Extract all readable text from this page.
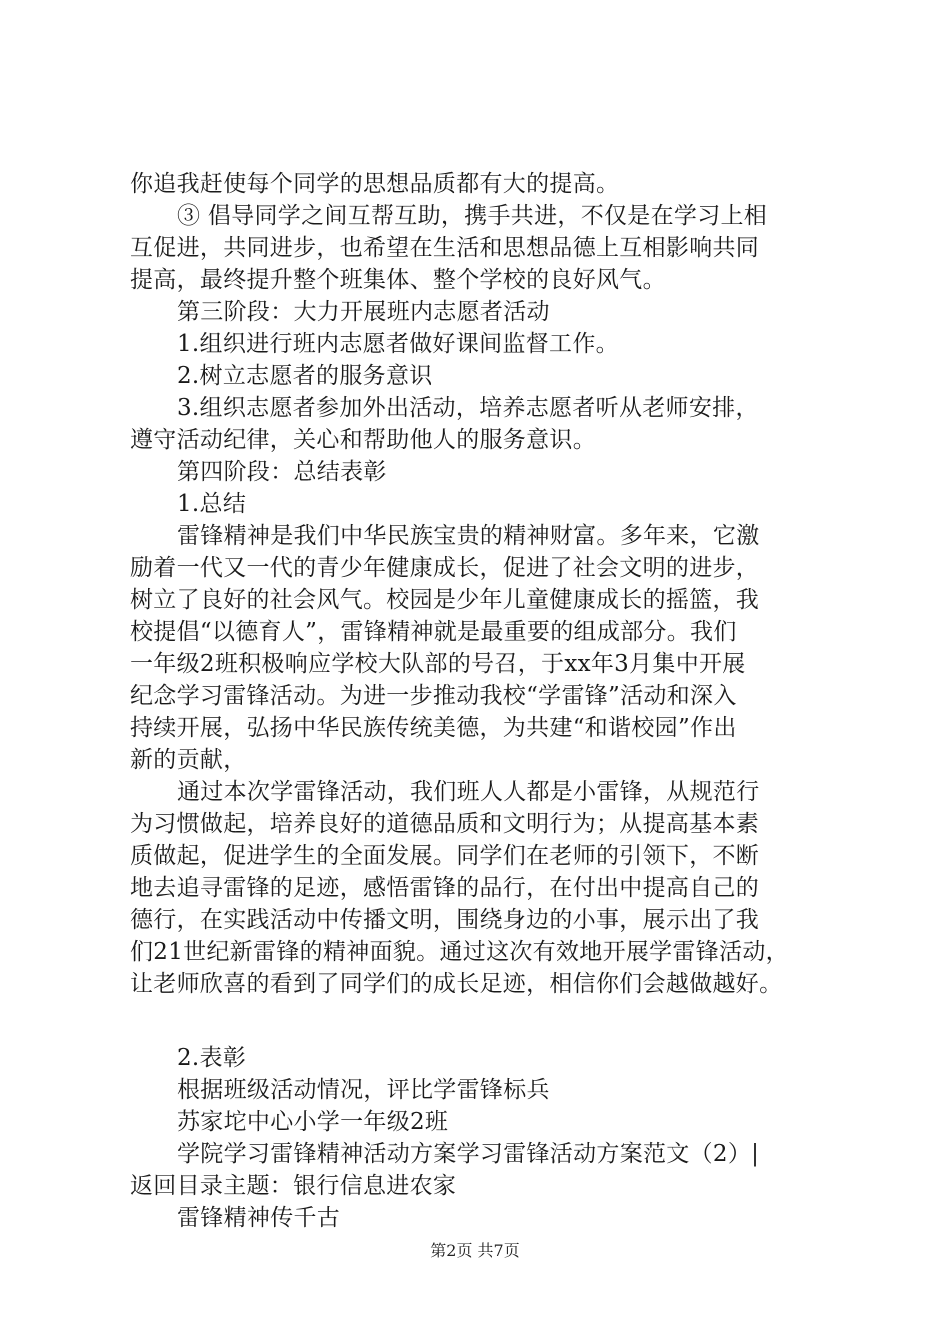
你追我赶使每个同学的思想品质都有大的提高。
③ 倡导同学之间互帮互助，携手共进，不仅是在学习上相
互促进，共同进步，也希望在生活和思想品德上互相影响共同
提高，最终提升整个班集体、整个学校的良好风气。
第三阶段：大力开展班内志愿者活动
1.组织进行班内志愿者做好课间监督工作。
2.树立志愿者的服务意识
3.组织志愿者参加外出活动，培养志愿者听从老师安排，
遵守活动纪律，关心和帮助他人的服务意识。
第四阶段：总结表彰
1.总结
雷锋精神是我们中华民族宝贵的精神财富。多年来，它激
励着一代又一代的青少年健康成长，促进了社会文明的进步，
树立了良好的社会风气。校园是少年儿童健康成长的摇篮，我
校提倡“以德育人”，雷锋精神就是最重要的组成部分。我们
一年级2班积极响应学校大队部的号召，于xx年3月集中开展
纪念学习雷锋活动。为进一步推动我校“学雷锋”活动和深入
持续开展，弘扬中华民族传统美德，为共建“和谐校园”作出
新的贡献，
通过本次学雷锋活动，我们班人人都是小雷锋，从规范行
为习惯做起，培养良好的道德品质和文明行为；从提高基本素
质做起，促进学生的全面发展。同学们在老师的引领下，不断
地去追寻雷锋的足迹，感悟雷锋的品行，在付出中提高自己的
德行，在实践活动中传播文明，围绕身边的小事，展示出了我
们21世纪新雷锋的精神面貌。通过这次有效地开展学雷锋活动，
让老师欣喜的看到了同学们的成长足迹，相信你们会越做越好。
2.表彰
根据班级活动情况，评比学雷锋标兵
苏家坨中心小学一年级2班
学院学习雷锋精神活动方案学习雷锋活动方案范文（2）|
返回目录主题：银行信息进农家
雷锋精神传千古
第2页 共7页
